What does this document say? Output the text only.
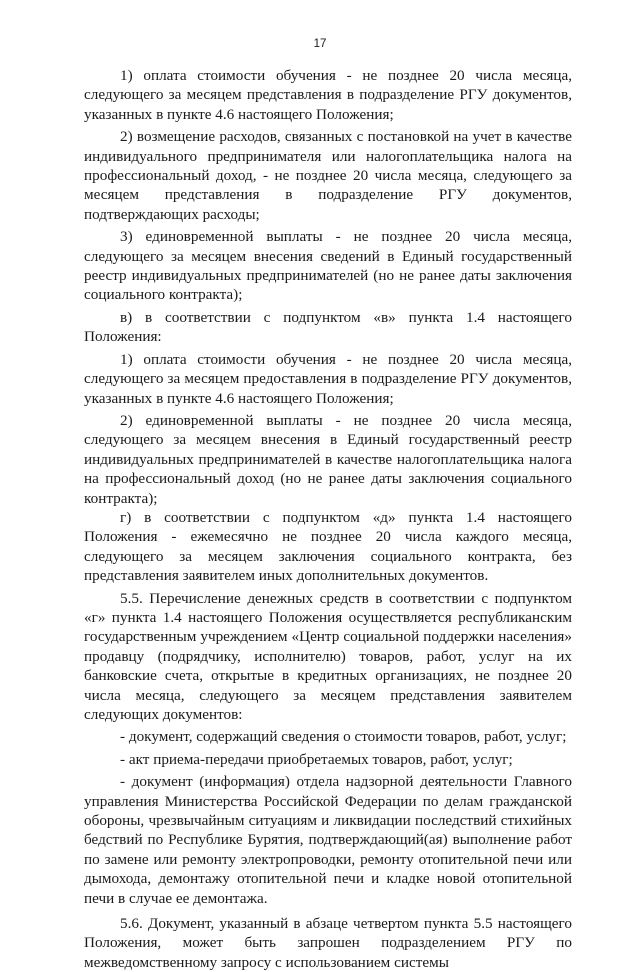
17

1) оплата стоимости обучения - не позднее 20 числа месяца, следующего за месяцем представления в подразделение РГУ документов, указанных в пункте 4.6 настоящего Положения;

2) возмещение расходов, связанных с постановкой на учет в качестве индивидуального предпринимателя или налогоплательщика налога на профессиональный доход, - не позднее 20 числа месяца, следующего за месяцем представления в подразделение РГУ документов, подтверждающих расходы;

3) единовременной выплаты - не позднее 20 числа месяца, следующего за месяцем внесения сведений в Единый государственный реестр индивидуальных предпринимателей (но не ранее даты заключения социального контракта);

в) в соответствии с подпунктом «в» пункта 1.4 настоящего Положения:

1) оплата стоимости обучения - не позднее 20 числа месяца, следующего за месяцем предоставления в подразделение РГУ документов, указанных в пункте 4.6 настоящего Положения;

2) единовременной выплаты - не позднее 20 числа месяца, следующего за месяцем внесения в Единый государственный реестр индивидуальных предпринимателей в качестве налогоплательщика налога на профессиональный доход (но не ранее даты заключения социального контракта);

г) в соответствии с подпунктом «д» пункта 1.4 настоящего Положения - ежемесячно не позднее 20 числа каждого месяца, следующего за месяцем заключения социального контракта, без представления заявителем иных дополнительных документов.

5.5. Перечисление денежных средств в соответствии с подпунктом «г» пункта 1.4 настоящего Положения осуществляется республиканским государственным учреждением «Центр социальной поддержки населения» продавцу (подрядчику, исполнителю) товаров, работ, услуг на их банковские счета, открытые в кредитных организациях, не позднее 20 числа месяца, следующего за месяцем представления заявителем следующих документов:

- документ, содержащий сведения о стоимости товаров, работ, услуг;

- акт приема-передачи приобретаемых товаров, работ, услуг;

- документ (информация) отдела надзорной деятельности Главного управления Министерства Российской Федерации по делам гражданской обороны, чрезвычайным ситуациям и ликвидации последствий стихийных бедствий по Республике Бурятия, подтверждающий(ая) выполнение работ по замене или ремонту электропроводки, ремонту отопительной печи или дымохода, демонтажу отопительной печи и кладке новой отопительной печи в случае ее демонтажа.

5.6. Документ, указанный в абзаце четвертом пункта 5.5 настоящего Положения, может быть запрошен подразделением РГУ по межведомственному запросу с использованием системы
